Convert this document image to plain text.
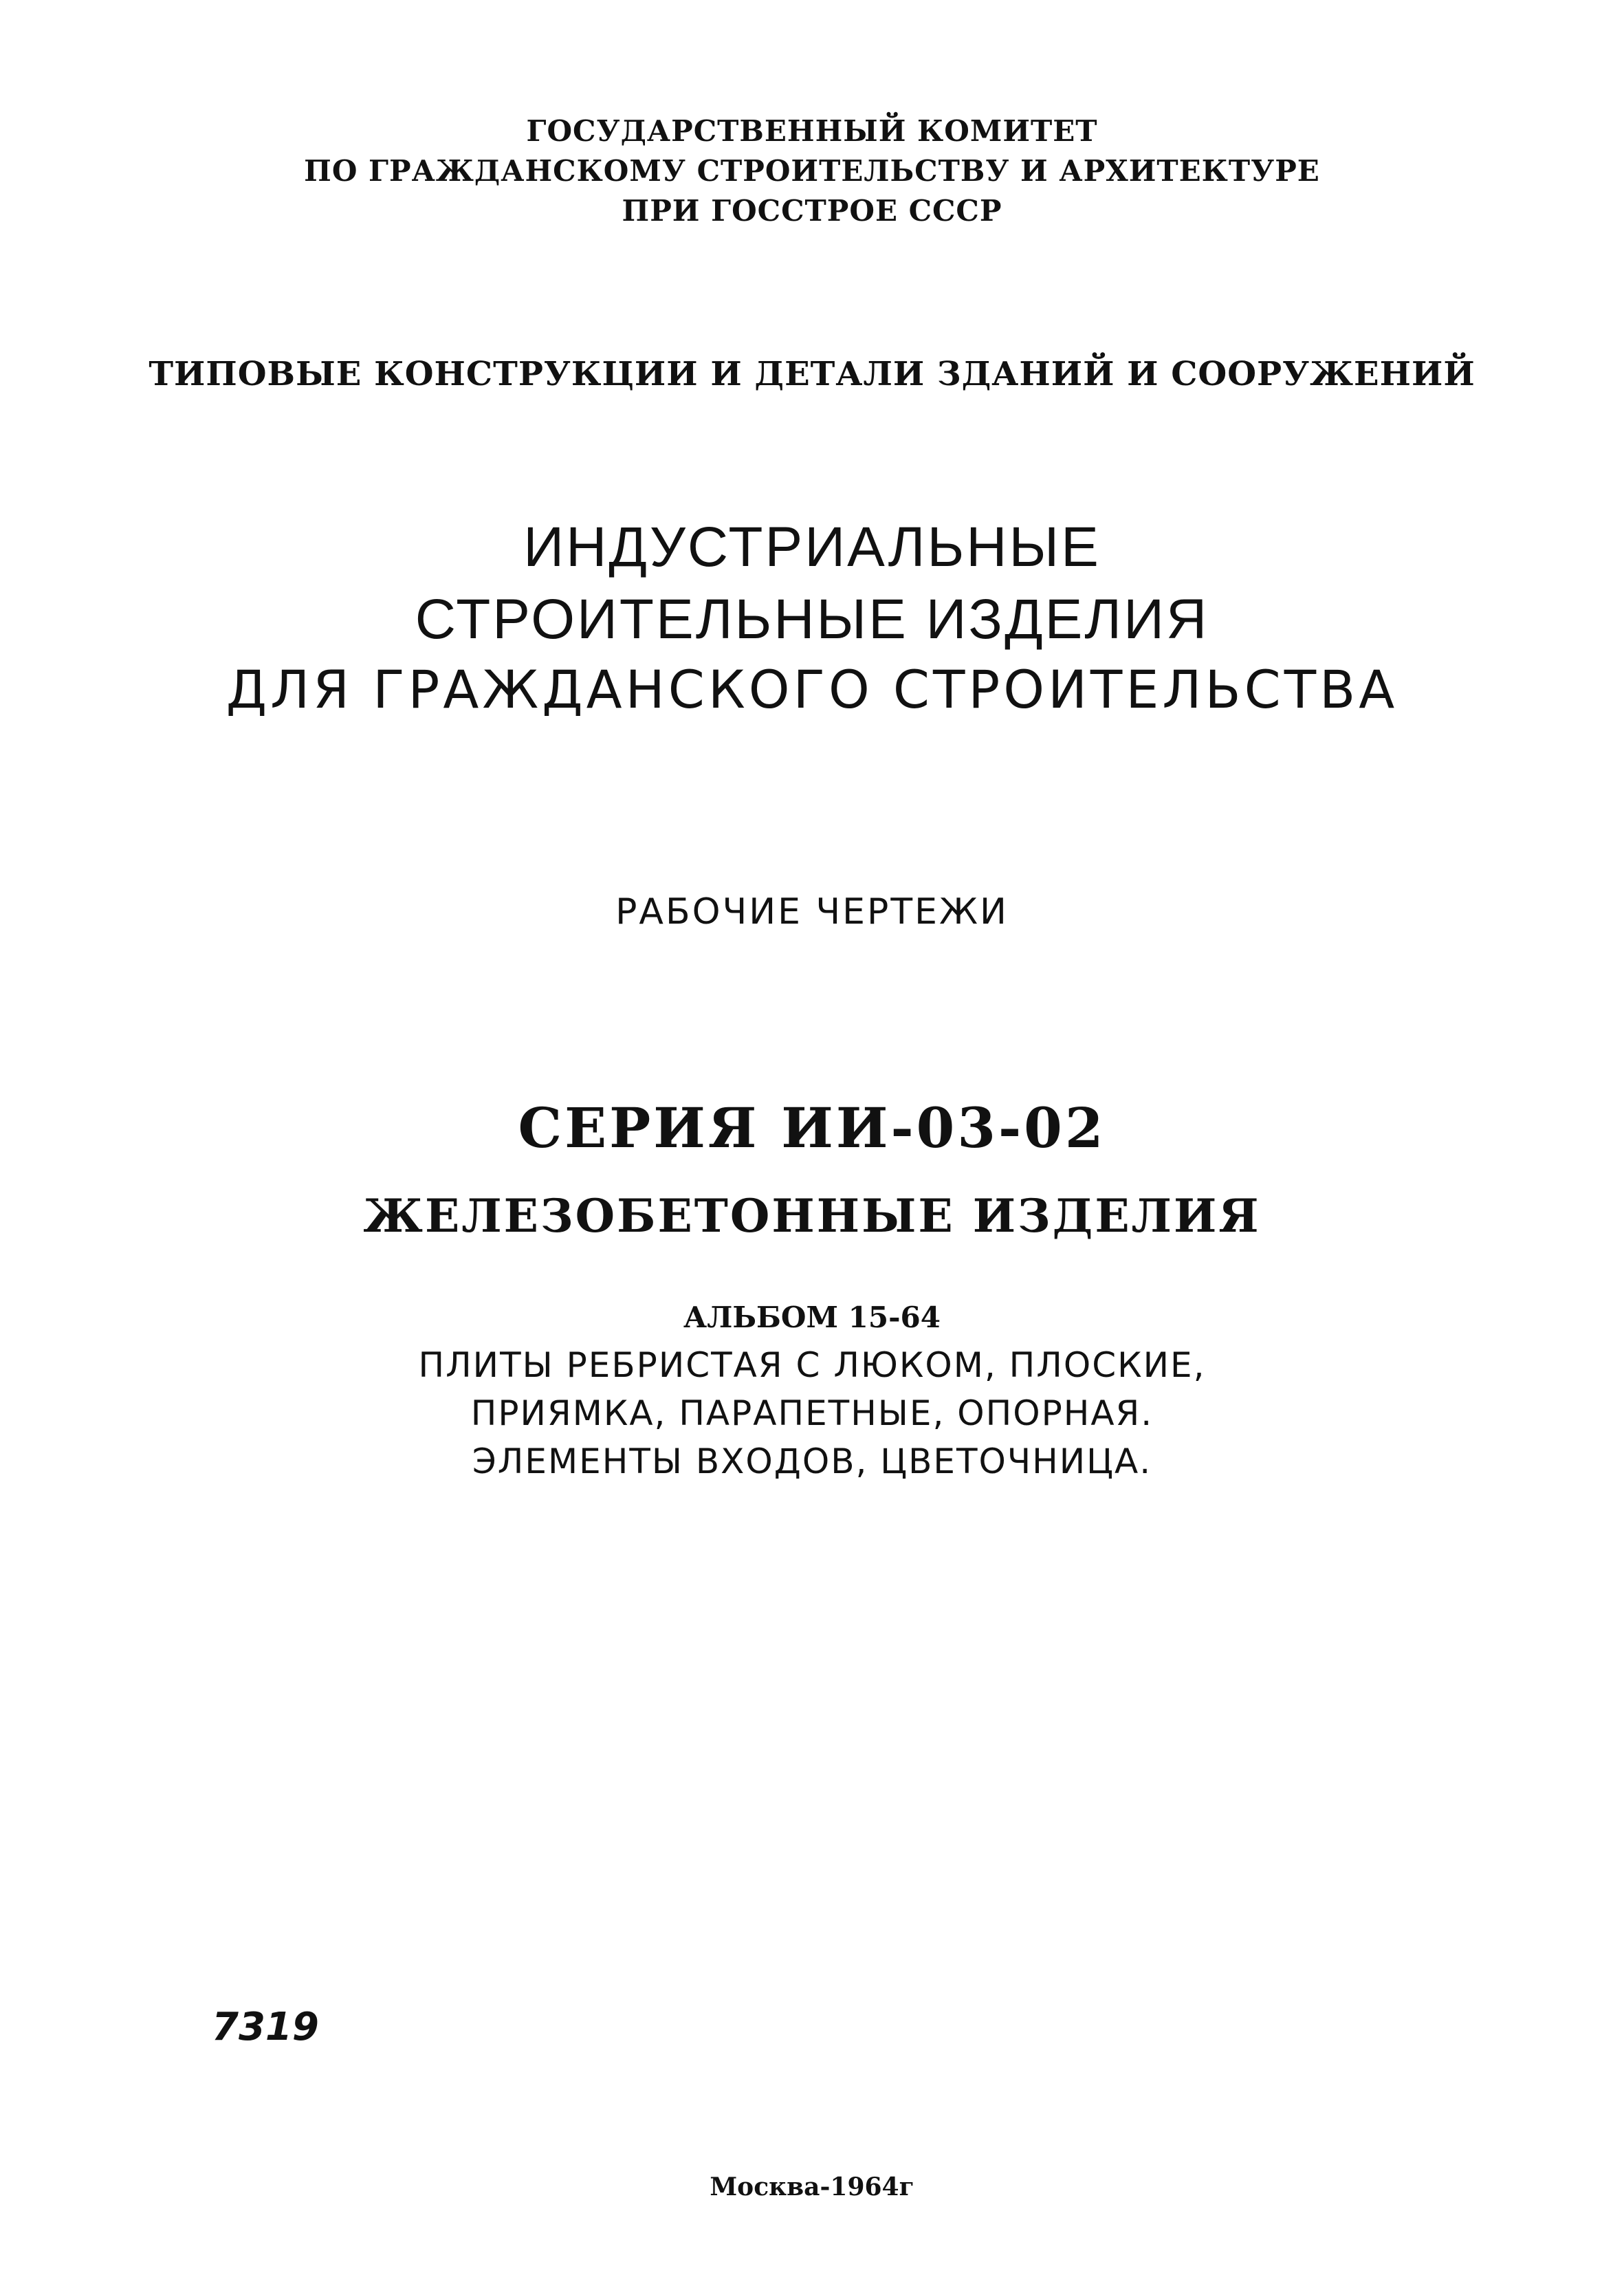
ГОСУДАРСТВЕННЫЙ КОМИТЕТ
ПО ГРАЖДАНСКОМУ СТРОИТЕЛЬСТВУ И АРХИТЕКТУРЕ
ПРИ ГОССТРОЕ СССР
ТИПОВЫЕ КОНСТРУКЦИИ И ДЕТАЛИ ЗДАНИЙ И СООРУЖЕНИЙ
ИНДУСТРИАЛЬНЫЕ
СТРОИТЕЛЬНЫЕ ИЗДЕЛИЯ
ДЛЯ ГРАЖДАНСКОГО СТРОИТЕЛЬСТВА
РАБОЧИЕ ЧЕРТЕЖИ
СЕРИЯ ИИ-03-02
ЖЕЛЕЗОБЕТОННЫЕ ИЗДЕЛИЯ
АЛЬБОМ 15-64
ПЛИТЫ РЕБРИСТАЯ С ЛЮКОМ, ПЛОСКИЕ,
ПРИЯМКА, ПАРАПЕТНЫЕ, ОПОРНАЯ.
ЭЛЕМЕНТЫ ВХОДОВ, ЦВЕТОЧНИЦА.
7319
Москва-1964г
